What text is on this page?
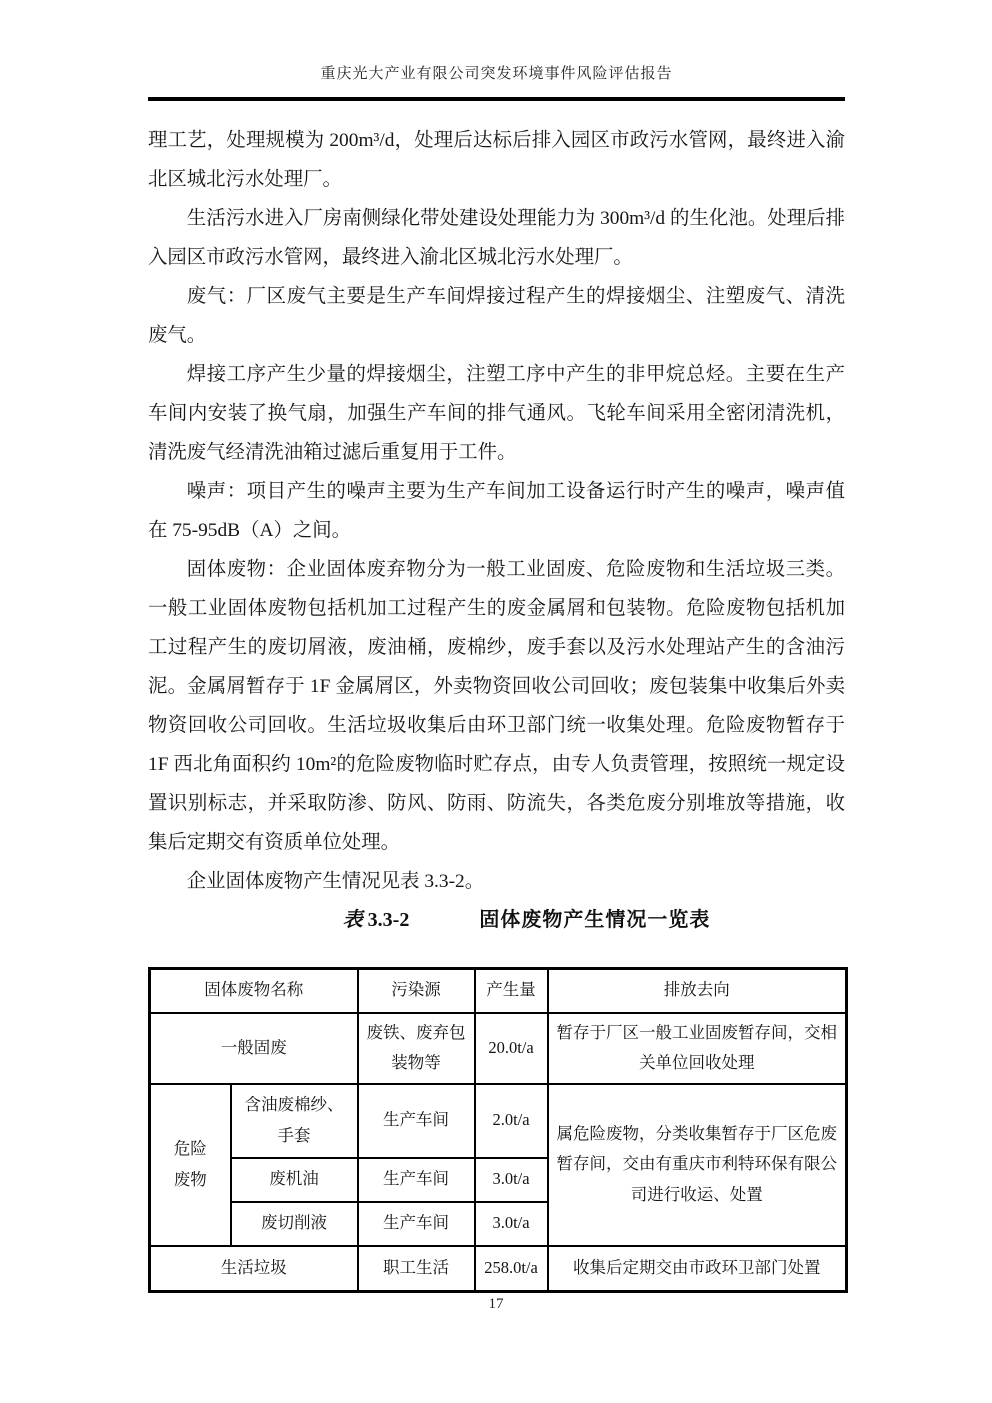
重庆光大产业有限公司突发环境事件风险评估报告

理工艺，处理规模为 200m³/d，处理后达标后排入园区市政污水管网，最终进入渝北区城北污水处理厂。

生活污水进入厂房南侧绿化带处建设处理能力为 300m³/d 的生化池。处理后排入园区市政污水管网，最终进入渝北区城北污水处理厂。

废气：厂区废气主要是生产车间焊接过程产生的焊接烟尘、注塑废气、清洗废气。

焊接工序产生少量的焊接烟尘，注塑工序中产生的非甲烷总烃。主要在生产车间内安装了换气扇，加强生产车间的排气通风。飞轮车间采用全密闭清洗机，清洗废气经清洗油箱过滤后重复用于工件。

噪声：项目产生的噪声主要为生产车间加工设备运行时产生的噪声，噪声值在 75-95dB（A）之间。

固体废物：企业固体废弃物分为一般工业固废、危险废物和生活垃圾三类。一般工业固体废物包括机加工过程产生的废金属屑和包装物。危险废物包括机加工过程产生的废切屑液，废油桶，废棉纱，废手套以及污水处理站产生的含油污泥。金属屑暂存于 1F 金属屑区，外卖物资回收公司回收；废包装集中收集后外卖物资回收公司回收。生活垃圾收集后由环卫部门统一收集处理。危险废物暂存于 1F 西北角面积约 10m²的危险废物临时贮存点，由专人负责管理，按照统一规定设置识别标志，并采取防渗、防风、防雨、防流失，各类危废分别堆放等措施，收集后定期交有资质单位处理。

企业固体废物产生情况见表 3.3-2。

表 3.3-2	固体废物产生情况一览表
固体废物名称		污染源	产生量	排放去向
一般固废		废铁、废弃包装物等	20.0t/a	暂存于厂区一般工业固废暂存间，交相关单位回收处理
危险废物	含油废棉纱、手套	生产车间	2.0t/a	属危险废物，分类收集暂存于厂区危废暂存间，交由有重庆市利特环保有限公司进行收运、处置
	废机油	生产车间	3.0t/a	
	废切削液	生产车间	3.0t/a	
生活垃圾		职工生活	258.0t/a	收集后定期交由市政环卫部门处置
17
